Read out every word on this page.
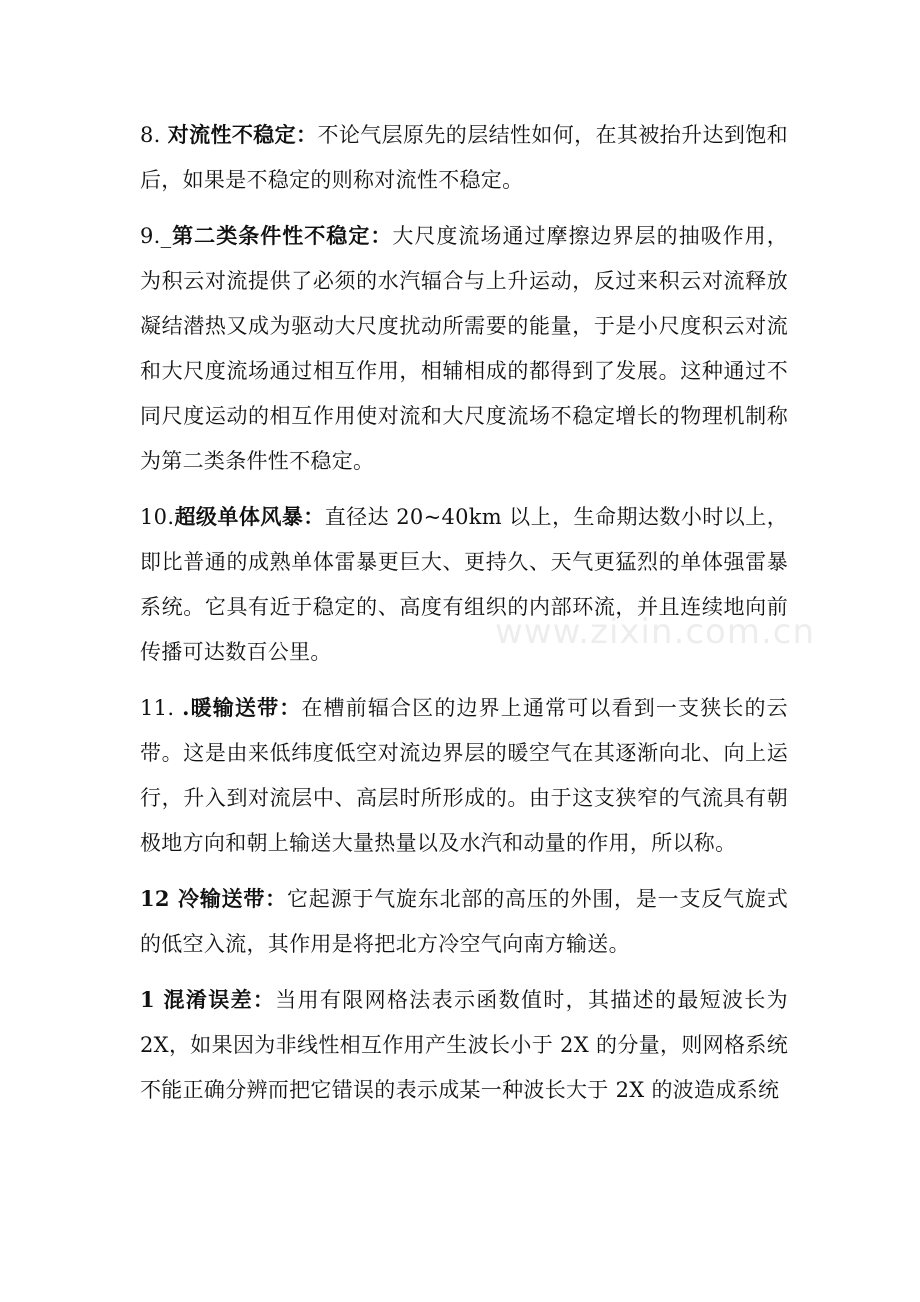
www.zixin.com.cn

8. 对流性不稳定：不论气层原先的层结性如何，在其被抬升达到饱和后，如果是不稳定的则称对流性不稳定。

9._第二类条件性不稳定：大尺度流场通过摩擦边界层的抽吸作用，为积云对流提供了必须的水汽辐合与上升运动，反过来积云对流释放凝结潜热又成为驱动大尺度扰动所需要的能量，于是小尺度积云对流和大尺度流场通过相互作用，相辅相成的都得到了发展。这种通过不同尺度运动的相互作用使对流和大尺度流场不稳定增长的物理机制称为第二类条件性不稳定。

10.超级单体风暴：直径达 20~40km 以上，生命期达数小时以上，即比普通的成熟单体雷暴更巨大、更持久、天气更猛烈的单体强雷暴系统。它具有近于稳定的、高度有组织的内部环流，并且连续地向前传播可达数百公里。

11. .暖输送带：在槽前辐合区的边界上通常可以看到一支狭长的云带。这是由来低纬度低空对流边界层的暖空气在其逐渐向北、向上运行，升入到对流层中、高层时所形成的。由于这支狭窄的气流具有朝极地方向和朝上输送大量热量以及水汽和动量的作用，所以称。

12 冷输送带：它起源于气旋东北部的高压的外围，是一支反气旋式的低空入流，其作用是将把北方冷空气向南方输送。

1 混淆误差：当用有限网格法表示函数值时，其描述的最短波长为 2X，如果因为非线性相互作用产生波长小于 2X 的分量，则网格系统不能正确分辨而把它错误的表示成某一种波长大于 2X 的波造成系统
